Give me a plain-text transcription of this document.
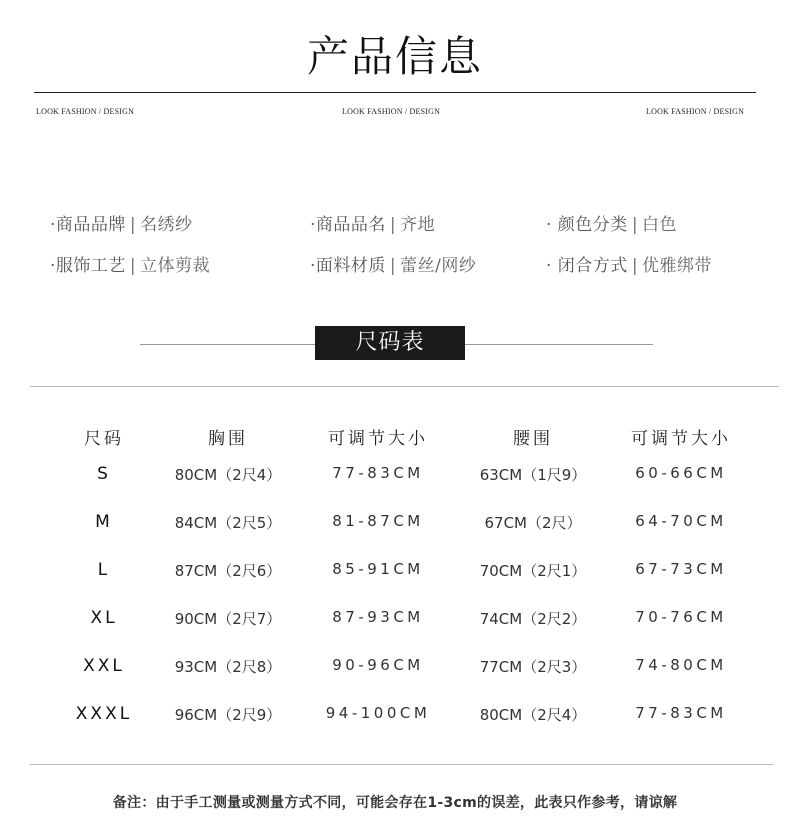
产品信息
LOOK FASHION / DESIGN	LOOK FASHION / DESIGN	LOOK FASHION / DESIGN
·商品品牌 | 名绣纱	·商品品名 | 齐地	· 颜色分类 | 白色
·服饰工艺 | 立体剪裁	·面料材质 | 蕾丝/网纱	· 闭合方式 | 优雅绑带
尺码表
尺码	胸围	可调节大小	腰围	可调节大小
S	80CM（2尺4）	77-83CM	63CM（1尺9）	60-66CM
M	84CM（2尺5）	81-87CM	67CM（2尺）	64-70CM
L	87CM（2尺6）	85-91CM	70CM（2尺1）	67-73CM
XL	90CM（2尺7）	87-93CM	74CM（2尺2）	70-76CM
XXL	93CM（2尺8）	90-96CM	77CM（2尺3）	74-80CM
XXXL	96CM（2尺9）	94-100CM	80CM（2尺4）	77-83CM
备注：由于手工测量或测量方式不同，可能会存在1-3cm的误差，此表只作参考，请谅解
